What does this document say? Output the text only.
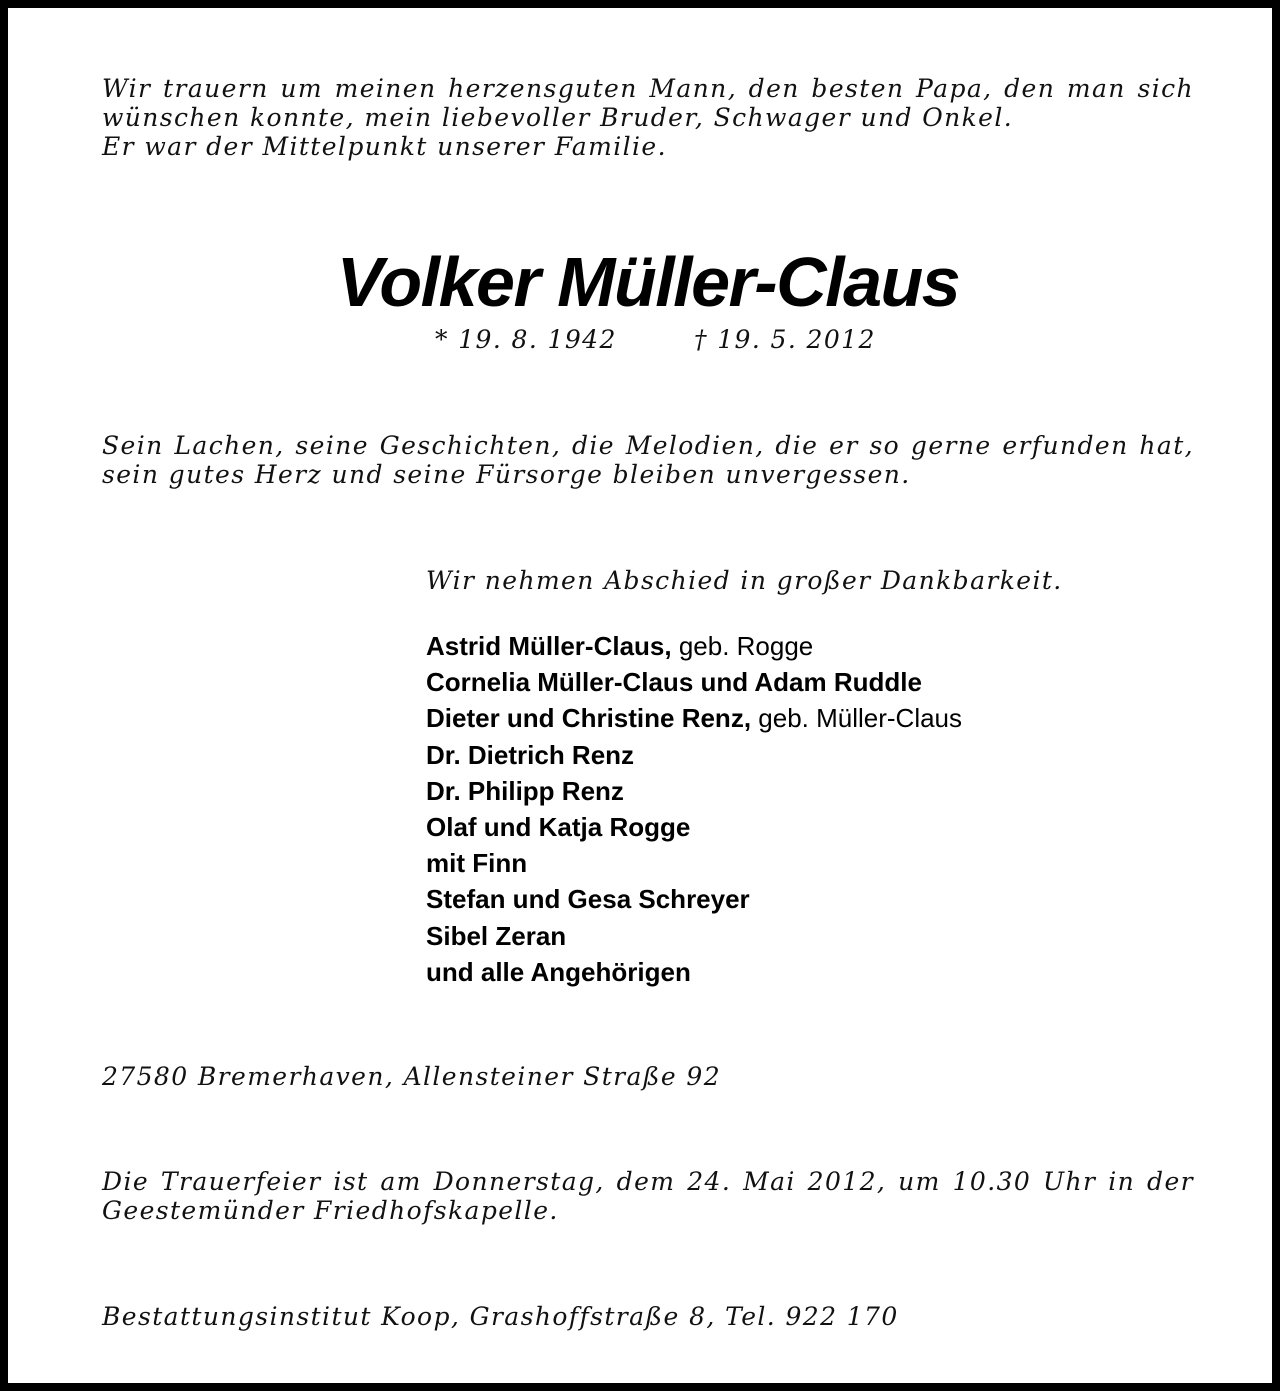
Wir trauern um meinen herzensguten Mann, den besten Papa, den man sich
wünschen konnte, mein liebevoller Bruder, Schwager und Onkel.
Er war der Mittelpunkt unserer Familie.

Volker Müller-Claus
* 19. 8. 1942	† 19. 5. 2012

Sein Lachen, seine Geschichten, die Melodien, die er so gerne erfunden hat,
sein gutes Herz und seine Fürsorge bleiben unvergessen.

Wir nehmen Abschied in großer Dankbarkeit.
Astrid Müller-Claus, geb. Rogge
Cornelia Müller-Claus und Adam Ruddle
Dieter und Christine Renz, geb. Müller-Claus
Dr. Dietrich Renz
Dr. Philipp Renz
Olaf und Katja Rogge
mit Finn
Stefan und Gesa Schreyer
Sibel Zeran
und alle Angehörigen

27580 Bremerhaven, Allensteiner Straße 92

Die Trauerfeier ist am Donnerstag, dem 24. Mai 2012, um 10.30 Uhr in der
Geestemünder Friedhofskapelle.

Bestattungsinstitut Koop, Grashoffstraße 8, Tel. 922 170
